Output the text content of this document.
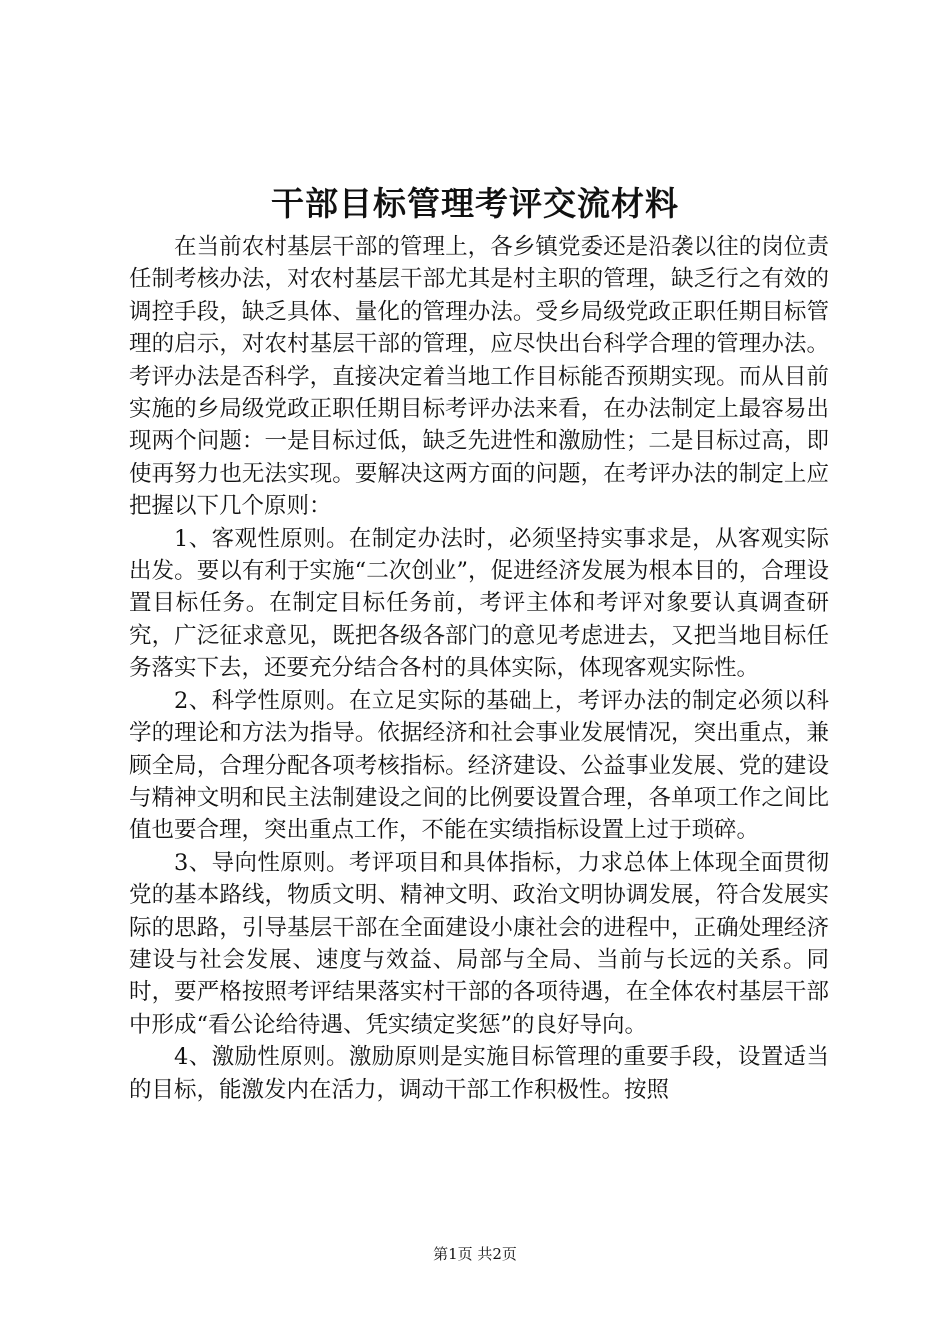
干部目标管理考评交流材料

在当前农村基层干部的管理上，各乡镇党委还是沿袭以往的岗位责任制考核办法，对农村基层干部尤其是村主职的管理，缺乏行之有效的调控手段，缺乏具体、量化的管理办法。受乡局级党政正职任期目标管理的启示，对农村基层干部的管理，应尽快出台科学合理的管理办法。考评办法是否科学，直接决定着当地工作目标能否预期实现。而从目前实施的乡局级党政正职任期目标考评办法来看，在办法制定上最容易出现两个问题：一是目标过低，缺乏先进性和激励性；二是目标过高，即使再努力也无法实现。要解决这两方面的问题，在考评办法的制定上应把握以下几个原则：

1、客观性原则。在制定办法时，必须坚持实事求是，从客观实际出发。要以有利于实施“二次创业”，促进经济发展为根本目的，合理设置目标任务。在制定目标任务前，考评主体和考评对象要认真调查研究，广泛征求意见，既把各级各部门的意见考虑进去，又把当地目标任务落实下去，还要充分结合各村的具体实际，体现客观实际性。

2、科学性原则。在立足实际的基础上，考评办法的制定必须以科学的理论和方法为指导。依据经济和社会事业发展情况，突出重点，兼顾全局，合理分配各项考核指标。经济建设、公益事业发展、党的建设与精神文明和民主法制建设之间的比例要设置合理，各单项工作之间比值也要合理，突出重点工作，不能在实绩指标设置上过于琐碎。

3、导向性原则。考评项目和具体指标，力求总体上体现全面贯彻党的基本路线，物质文明、精神文明、政治文明协调发展，符合发展实际的思路，引导基层干部在全面建设小康社会的进程中，正确处理经济建设与社会发展、速度与效益、局部与全局、当前与长远的关系。同时，要严格按照考评结果落实村干部的各项待遇，在全体农村基层干部中形成“看公论给待遇、凭实绩定奖惩”的良好导向。

4、激励性原则。激励原则是实施目标管理的重要手段，设置适当的目标，能激发内在活力，调动干部工作积极性。按照

第1页 共2页
